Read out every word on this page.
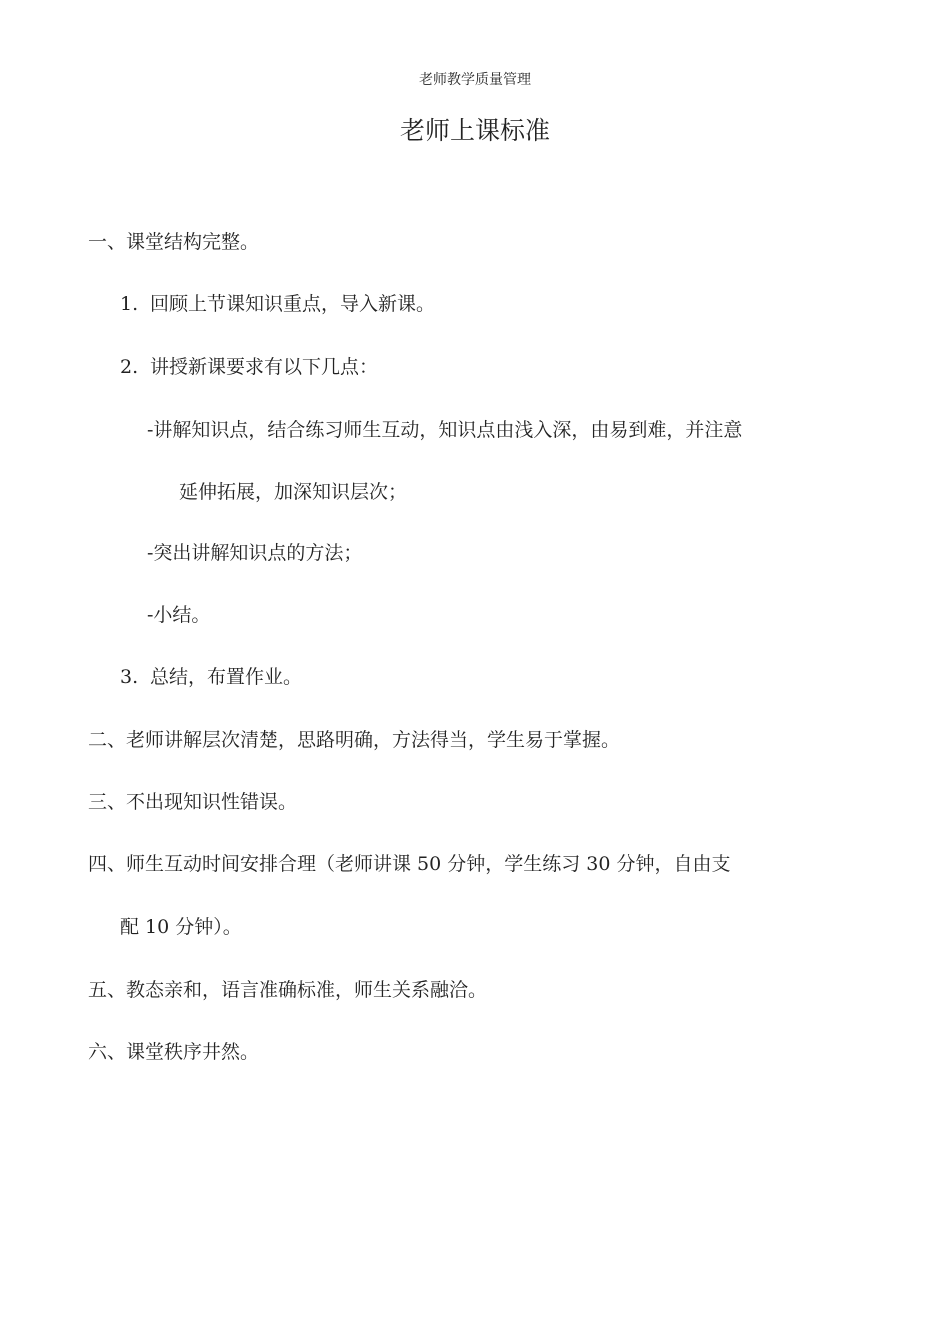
老师教学质量管理
老师上课标准
一、课堂结构完整。
1. 回顾上节课知识重点，导入新课。
2. 讲授新课要求有以下几点：
-讲解知识点，结合练习师生互动，知识点由浅入深，由易到难，并注意
延伸拓展，加深知识层次；
-突出讲解知识点的方法；
-小结。
3. 总结，布置作业。
二、老师讲解层次清楚，思路明确，方法得当，学生易于掌握。
三、不出现知识性错误。
四、师生互动时间安排合理（老师讲课 50 分钟，学生练习 30 分钟，自由支
配 10 分钟）。
五、教态亲和，语言准确标准，师生关系融洽。
六、课堂秩序井然。
